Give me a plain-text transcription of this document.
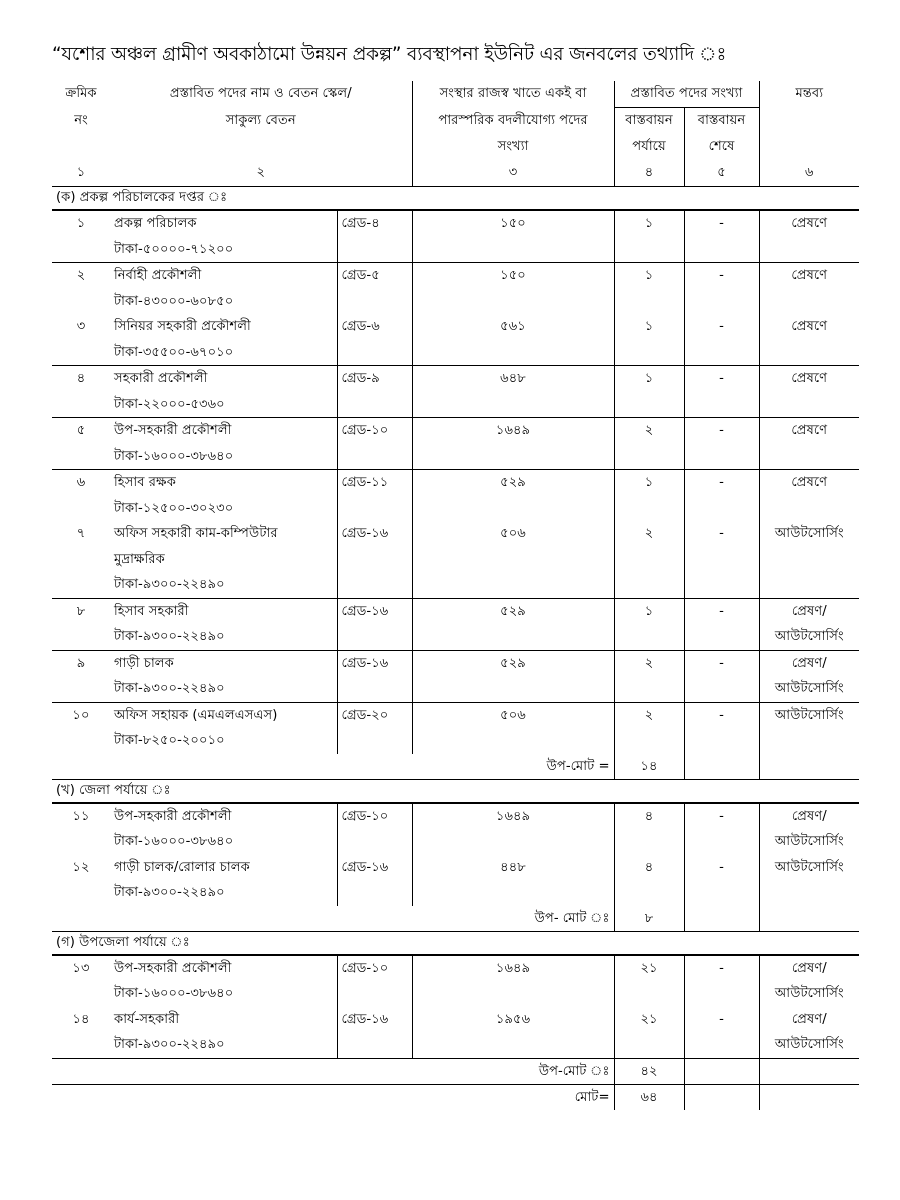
“যশোর অঞ্চল গ্রামীণ অবকাঠামো উন্নয়ন প্রকল্প” ব্যবস্থাপনা ইউনিট এর জনবলের তথ্যাদি ঃ
ক্রমিক	প্রস্তাবিত পদের নাম ও বেতন স্কেল/		সংস্থার রাজস্ব খাতে একই বা	প্রস্তাবিত পদের সংখ্যা		মন্তব্য
নং	সাকুল্য বেতন		পারস্পরিক বদলীযোগ্য পদের	বাস্তবায়ন	বাস্তবায়ন	
			সংখ্যা	পর্যায়ে	শেষে	
১	২		৩	৪	৫	৬
(ক) প্রকল্প পরিচালকের দপ্তর ঃ						
১	প্রকল্প পরিচালক	গ্রেড-৪	১৫০	১	-	প্রেষণে
	টাকা-৫০০০০-৭১২০০					
২	নির্বাহী প্রকৌশলী	গ্রেড-৫	১৫০	১	-	প্রেষণে
	টাকা-৪৩০০০-৬০৮৫০					
৩	সিনিয়র সহকারী প্রকৌশলী	গ্রেড-৬	৫৬১	১	-	প্রেষণে
	টাকা-৩৫৫০০-৬৭০১০					
৪	সহকারী প্রকৌশলী	গ্রেড-৯	৬৪৮	১	-	প্রেষণে
	টাকা-২২০০০-৫৩৬০					
৫	উপ-সহকারী প্রকৌশলী	গ্রেড-১০	১৬৪৯	২	-	প্রেষণে
	টাকা-১৬০০০-৩৮৬৪০					
৬	হিসাব রক্ষক	গ্রেড-১১	৫২৯	১	-	প্রেষণে
	টাকা-১২৫০০-৩০২৩০					
৭	অফিস সহকারী কাম-কম্পিউটার	গ্রেড-১৬	৫০৬	২	-	আউটসোর্সিং
	মুদ্রাক্ষরিক					
	টাকা-৯৩০০-২২৪৯০					
৮	হিসাব সহকারী	গ্রেড-১৬	৫২৯	১	-	প্রেষণ/
	টাকা-৯৩০০-২২৪৯০					আউটসোর্সিং
৯	গাড়ী চালক	গ্রেড-১৬	৫২৯	২	-	প্রেষণ/
	টাকা-৯৩০০-২২৪৯০					আউটসোর্সিং
১০	অফিস সহায়ক (এমএলএসএস)	গ্রেড-২০	৫০৬	২	-	আউটসোর্সিং
	টাকা-৮২৫০-২০০১০					
উপ-মোট =				১৪		
(খ) জেলা পর্যায়ে ঃ						
১১	উপ-সহকারী প্রকৌশলী	গ্রেড-১০	১৬৪৯	৪	-	প্রেষণ/
	টাকা-১৬০০০-৩৮৬৪০					আউটসোর্সিং
১২	গাড়ী চালক/রোলার চালক	গ্রেড-১৬	৪৪৮	৪	-	আউটসোর্সিং
	টাকা-৯৩০০-২২৪৯০					
উপ- মোট ঃ				৮		
(গ) উপজেলা পর্যায়ে ঃ						
১৩	উপ-সহকারী প্রকৌশলী	গ্রেড-১০	১৬৪৯	২১	-	প্রেষণ/
	টাকা-১৬০০০-৩৮৬৪০					আউটসোর্সিং
১৪	কার্য-সহকারী	গ্রেড-১৬	১৯৫৬	২১	-	প্রেষণ/
	টাকা-৯৩০০-২২৪৯০					আউটসোর্সিং
উপ-মোট ঃ				৪২		
মোট=				৬৪		
